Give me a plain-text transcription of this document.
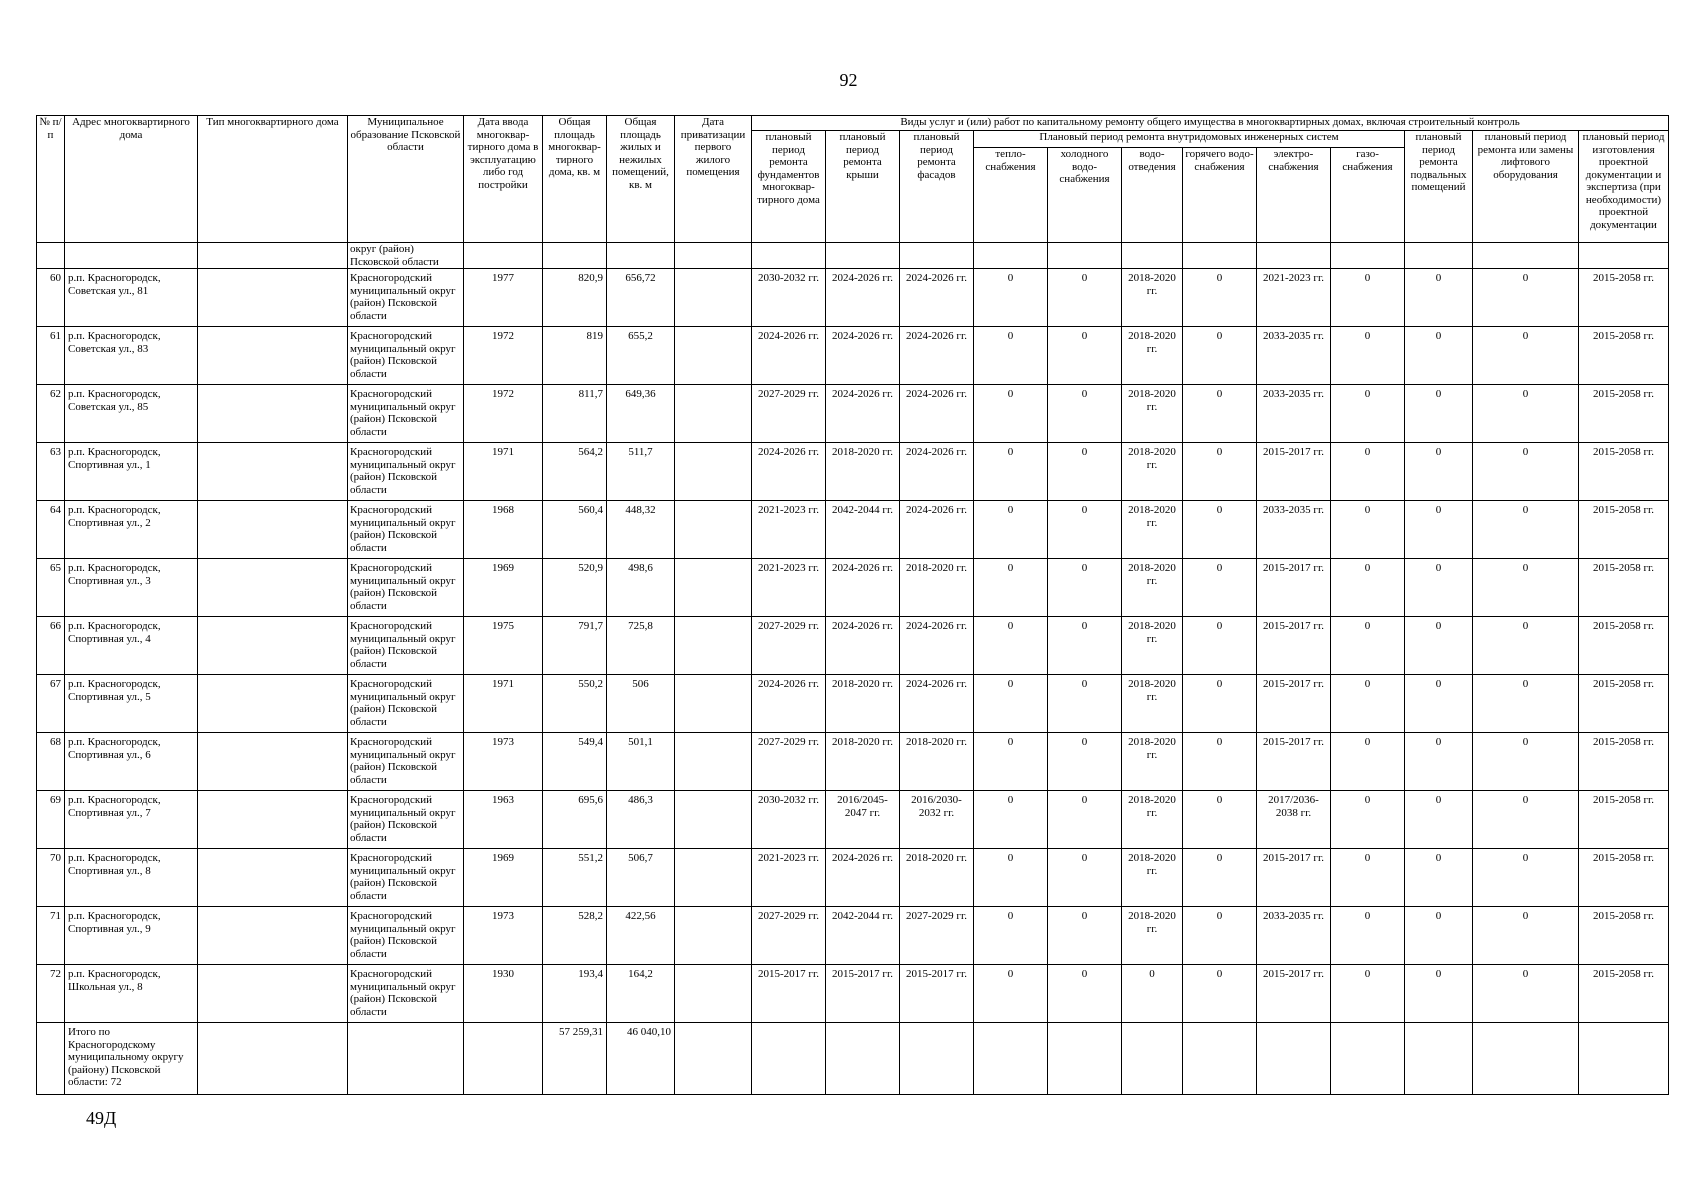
92
№ п/п	Адрес многоквартирного дома	Тип многоквартирного дома	Муниципальное образование Псковской области	Дата ввода многоквар-тирного дома в эксплуатацию либо год постройки	Общая площадь многоквар-тирного дома, кв. м	Общая площадь жилых и нежилых помещений, кв. м	Дата приватизации первого жилого помещения	Виды услуг и (или) работ по капитальному ремонту общего имущества в многоквартирных домах, включая строительный контроль											
								плановый период ремонта фундаментов многоквар-тирного дома	плановый период ремонта крыши	плановый период ремонта фасадов	Плановый период ремонта внутридомовых инженерных систем						плановый период ремонта подвальных помещений	плановый период ремонта или замены лифтового оборудования	плановый период изготовления проектной документации и экспертиза (при необходимости) проектной документации
											тепло-снабжения	холодного водо-снабжения	водо-отведения	горячего водо-снабжения	электро-снабжения	газо-снабжения			
			округ (район) Псковской области																
60	р.п. Красногородск, Советская ул., 81		Красногородский муниципальный округ (район) Псковской области	1977	820,9	656,72		2030-2032 гг.	2024-2026 гг.	2024-2026 гг.	0	0	2018-2020 гг.	0	2021-2023 гг.	0	0	0	2015-2058 гг.
61	р.п. Красногородск, Советская ул., 83		Красногородский муниципальный округ (район) Псковской области	1972	819	655,2		2024-2026 гг.	2024-2026 гг.	2024-2026 гг.	0	0	2018-2020 гг.	0	2033-2035 гг.	0	0	0	2015-2058 гг.
62	р.п. Красногородск, Советская ул., 85		Красногородский муниципальный округ (район) Псковской области	1972	811,7	649,36		2027-2029 гг.	2024-2026 гг.	2024-2026 гг.	0	0	2018-2020 гг.	0	2033-2035 гг.	0	0	0	2015-2058 гг.
63	р.п. Красногородск, Спортивная ул., 1		Красногородский муниципальный округ (район) Псковской области	1971	564,2	511,7		2024-2026 гг.	2018-2020 гг.	2024-2026 гг.	0	0	2018-2020 гг.	0	2015-2017 гг.	0	0	0	2015-2058 гг.
64	р.п. Красногородск, Спортивная ул., 2		Красногородский муниципальный округ (район) Псковской области	1968	560,4	448,32		2021-2023 гг.	2042-2044 гг.	2024-2026 гг.	0	0	2018-2020 гг.	0	2033-2035 гг.	0	0	0	2015-2058 гг.
65	р.п. Красногородск, Спортивная ул., 3		Красногородский муниципальный округ (район) Псковской области	1969	520,9	498,6		2021-2023 гг.	2024-2026 гг.	2018-2020 гг.	0	0	2018-2020 гг.	0	2015-2017 гг.	0	0	0	2015-2058 гг.
66	р.п. Красногородск, Спортивная ул., 4		Красногородский муниципальный округ (район) Псковской области	1975	791,7	725,8		2027-2029 гг.	2024-2026 гг.	2024-2026 гг.	0	0	2018-2020 гг.	0	2015-2017 гг.	0	0	0	2015-2058 гг.
67	р.п. Красногородск, Спортивная ул., 5		Красногородский муниципальный округ (район) Псковской области	1971	550,2	506		2024-2026 гг.	2018-2020 гг.	2024-2026 гг.	0	0	2018-2020 гг.	0	2015-2017 гг.	0	0	0	2015-2058 гг.
68	р.п. Красногородск, Спортивная ул., 6		Красногородский муниципальный округ (район) Псковской области	1973	549,4	501,1		2027-2029 гг.	2018-2020 гг.	2018-2020 гг.	0	0	2018-2020 гг.	0	2015-2017 гг.	0	0	0	2015-2058 гг.
69	р.п. Красногородск, Спортивная ул., 7		Красногородский муниципальный округ (район) Псковской области	1963	695,6	486,3		2030-2032 гг.	2016/2045-2047 гг.	2016/2030-2032 гг.	0	0	2018-2020 гг.	0	2017/2036-2038 гг.	0	0	0	2015-2058 гг.
70	р.п. Красногородск, Спортивная ул., 8		Красногородский муниципальный округ (район) Псковской области	1969	551,2	506,7		2021-2023 гг.	2024-2026 гг.	2018-2020 гг.	0	0	2018-2020 гг.	0	2015-2017 гг.	0	0	0	2015-2058 гг.
71	р.п. Красногородск, Спортивная ул., 9		Красногородский муниципальный округ (район) Псковской области	1973	528,2	422,56		2027-2029 гг.	2042-2044 гг.	2027-2029 гг.	0	0	2018-2020 гг.	0	2033-2035 гг.	0	0	0	2015-2058 гг.
72	р.п. Красногородск, Школьная ул., 8		Красногородский муниципальный округ (район) Псковской области	1930	193,4	164,2		2015-2017 гг.	2015-2017 гг.	2015-2017 гг.	0	0	0	0	2015-2017 гг.	0	0	0	2015-2058 гг.
	Итого по Красногородскому муниципальному округу (району) Псковской области: 72				57 259,31	46 040,10													
49Д
